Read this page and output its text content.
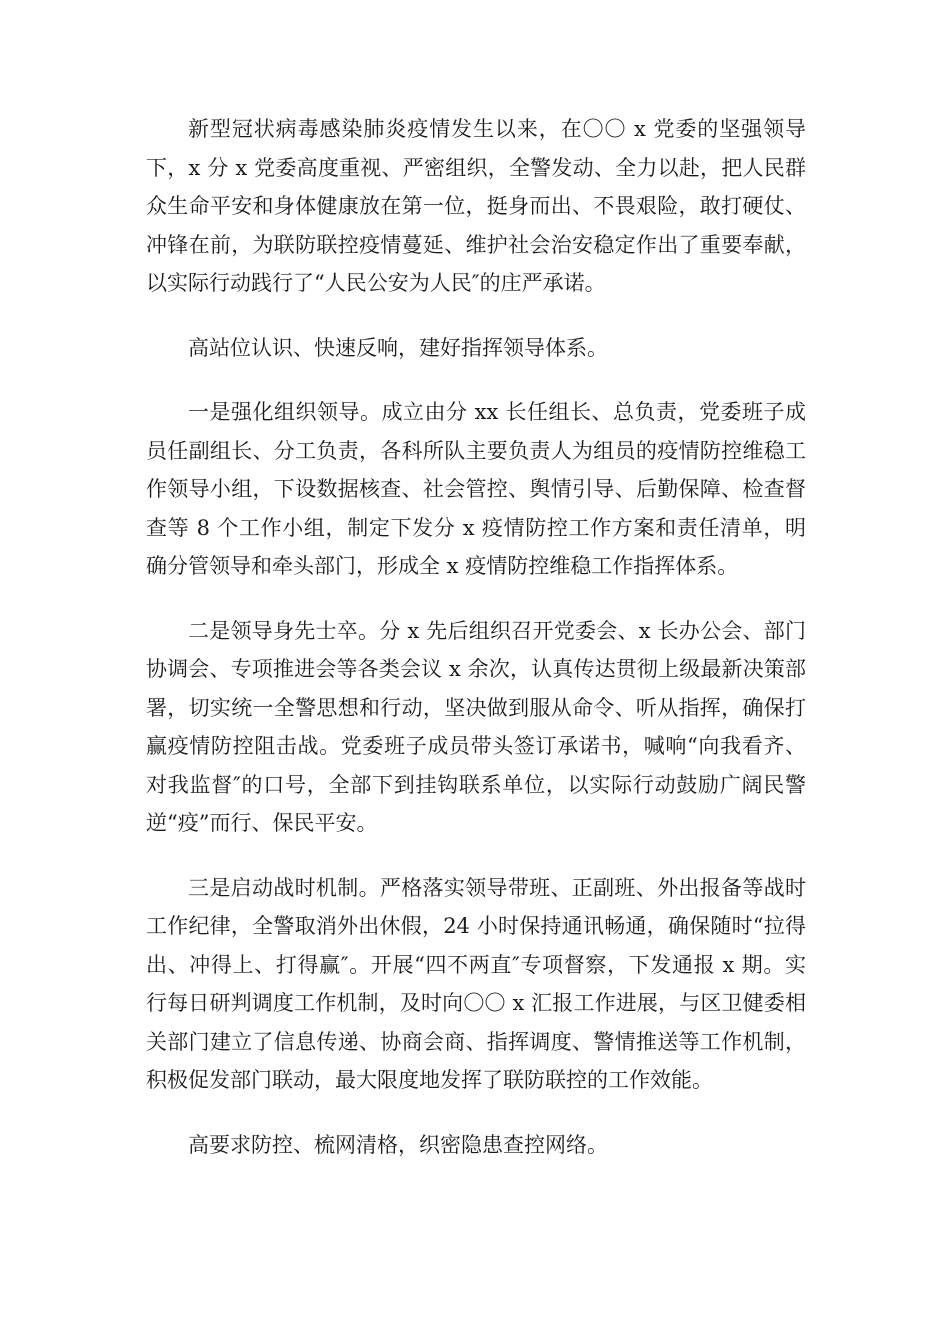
新型冠状病毒感染肺炎疫情发生以来，在〇〇 x 党委的坚强领导下，x 分 x 党委高度重视、严密组织，全警发动、全力以赴，把人民群众生命平安和身体健康放在第一位，挺身而出、不畏艰险，敢打硬仗、冲锋在前，为联防联控疫情蔓延、维护社会治安稳定作出了重要奉献，以实际行动践行了“人民公安为人民″的庄严承诺。

高站位认识、快速反响，建好指挥领导体系。

一是强化组织领导。成立由分 xx 长任组长、总负责，党委班子成员任副组长、分工负责，各科所队主要负责人为组员的疫情防控维稳工作领导小组，下设数据核查、社会管控、舆情引导、后勤保障、检查督查等 8 个工作小组，制定下发分 x 疫情防控工作方案和责任清单，明确分管领导和牵头部门，形成全 x 疫情防控维稳工作指挥体系。

二是领导身先士卒。分 x 先后组织召开党委会、x 长办公会、部门协调会、专项推进会等各类会议 x 余次，认真传达贯彻上级最新决策部署，切实统一全警思想和行动，坚决做到服从命令、听从指挥，确保打赢疫情防控阻击战。党委班子成员带头签订承诺书，喊响“向我看齐、对我监督″的口号，全部下到挂钩联系单位，以实际行动鼓励广阔民警逆“疫”而行、保民平安。

三是启动战时机制。严格落实领导带班、正副班、外出报备等战时工作纪律，全警取消外出休假，24 小时保持通讯畅通，确保随时“拉得出、冲得上、打得赢″。开展“四不两直″专项督察，下发通报 x 期。实行每日研判调度工作机制，及时向〇〇 x 汇报工作进展，与区卫健委相关部门建立了信息传递、协商会商、指挥调度、警情推送等工作机制，积极促发部门联动，最大限度地发挥了联防联控的工作效能。

高要求防控、梳网清格，织密隐患查控网络。
